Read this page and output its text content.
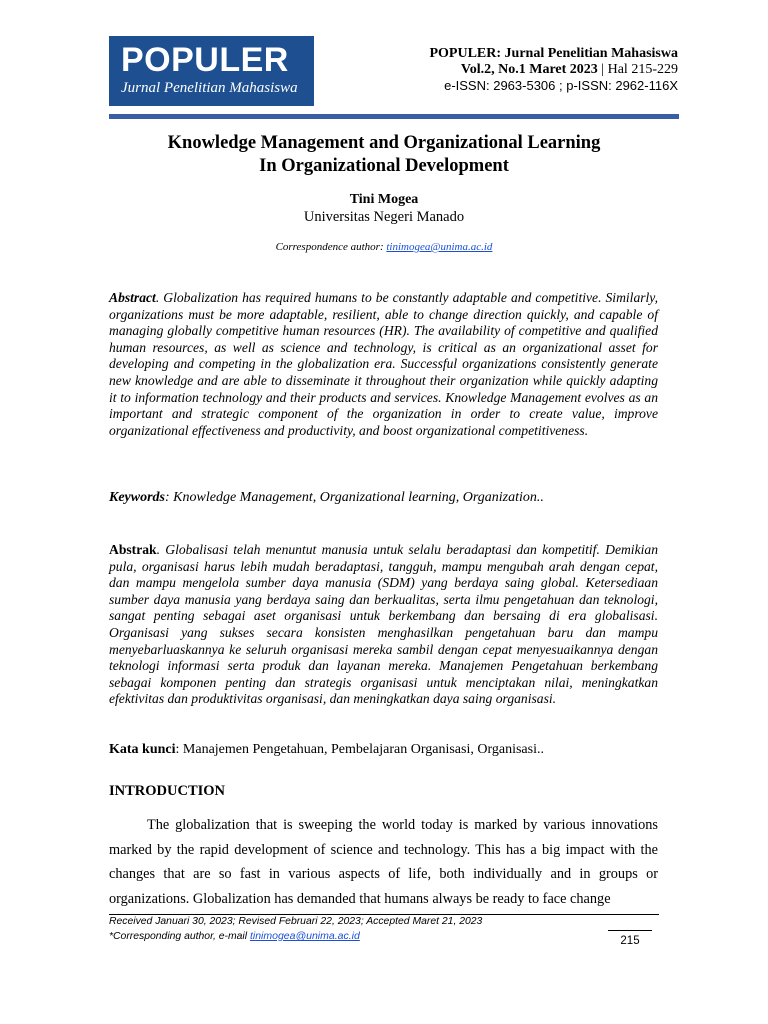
POPULER
Jurnal Penelitian Mahasiswa
POPULER: Jurnal Penelitian Mahasiswa
Vol.2, No.1 Maret 2023 | Hal 215-229
e-ISSN: 2963-5306 ; p-ISSN: 2962-116X
Knowledge Management and Organizational Learning
In Organizational Development
Tini Mogea
Universitas Negeri Manado
Correspondence author: tinimogea@unima.ac.id
Abstract. Globalization has required humans to be constantly adaptable and competitive. Similarly, organizations must be more adaptable, resilient, able to change direction quickly, and capable of managing globally competitive human resources (HR). The availability of competitive and qualified human resources, as well as science and technology, is critical as an organizational asset for developing and competing in the globalization era. Successful organizations consistently generate new knowledge and are able to disseminate it throughout their organization while quickly adapting it to information technology and their products and services. Knowledge Management evolves as an important and strategic component of the organization in order to create value, improve organizational effectiveness and productivity, and boost organizational competitiveness.
Keywords: Knowledge Management, Organizational learning, Organization..
Abstrak. Globalisasi telah menuntut manusia untuk selalu beradaptasi dan kompetitif. Demikian pula, organisasi harus lebih mudah beradaptasi, tangguh, mampu mengubah arah dengan cepat, dan mampu mengelola sumber daya manusia (SDM) yang berdaya saing global. Ketersediaan sumber daya manusia yang berdaya saing dan berkualitas, serta ilmu pengetahuan dan teknologi, sangat penting sebagai aset organisasi untuk berkembang dan bersaing di era globalisasi. Organisasi yang sukses secara konsisten menghasilkan pengetahuan baru dan mampu menyebarluaskannya ke seluruh organisasi mereka sambil dengan cepat menyesuaikannya dengan teknologi informasi serta produk dan layanan mereka. Manajemen Pengetahuan berkembang sebagai komponen penting dan strategis organisasi untuk menciptakan nilai, meningkatkan efektivitas dan produktivitas organisasi, dan meningkatkan daya saing organisasi.
Kata kunci: Manajemen Pengetahuan, Pembelajaran Organisasi, Organisasi..
INTRODUCTION
The globalization that is sweeping the world today is marked by various innovations marked by the rapid development of science and technology. This has a big impact with the changes that are so fast in various aspects of life, both individually and in groups or organizations. Globalization has demanded that humans always be ready to face change
Received Januari 30, 2023; Revised Februari 22, 2023; Accepted Maret 21, 2023
*Corresponding author, e-mail tinimogea@unima.ac.id	215
